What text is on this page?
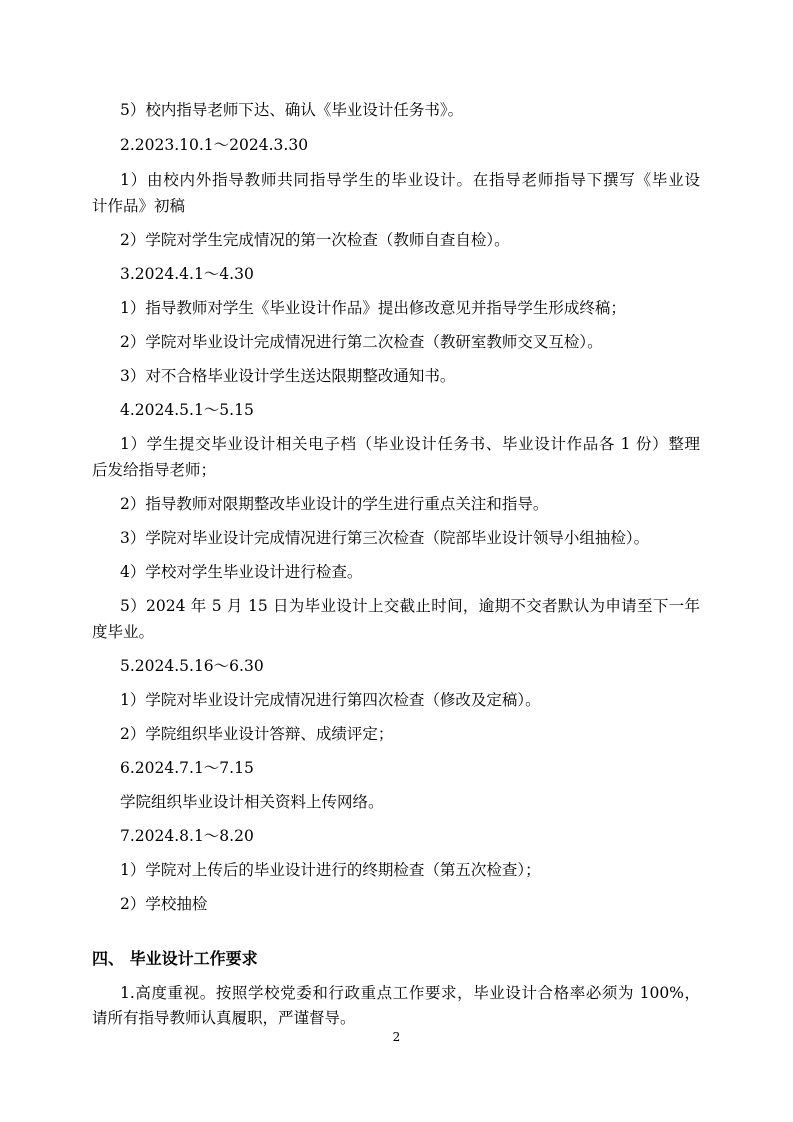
5）校内指导老师下达、确认《毕业设计任务书》。
2.2023.10.1～2024.3.30
1）由校内外指导教师共同指导学生的毕业设计。在指导老师指导下撰写《毕业设
计作品》初稿
2）学院对学生完成情况的第一次检查（教师自查自检）。
3.2024.4.1～4.30
1）指导教师对学生《毕业设计作品》提出修改意见并指导学生形成终稿；
2）学院对毕业设计完成情况进行第二次检查（教研室教师交叉互检）。
3）对不合格毕业设计学生送达限期整改通知书。
4.2024.5.1～5.15
1）学生提交毕业设计相关电子档（毕业设计任务书、毕业设计作品各 1 份）整理
后发给指导老师；
2）指导教师对限期整改毕业设计的学生进行重点关注和指导。
3）学院对毕业设计完成情况进行第三次检查（院部毕业设计领导小组抽检）。
4）学校对学生毕业设计进行检查。
5）2024 年 5 月 15 日为毕业设计上交截止时间，逾期不交者默认为申请至下一年
度毕业。
5.2024.5.16～6.30
1）学院对毕业设计完成情况进行第四次检查（修改及定稿）。
2）学院组织毕业设计答辩、成绩评定；
6.2024.7.1～7.15
学院组织毕业设计相关资料上传网络。
7.2024.8.1～8.20
1）学院对上传后的毕业设计进行的终期检查（第五次检查）；
2）学校抽检
四、 毕业设计工作要求
1.高度重视。按照学校党委和行政重点工作要求，毕业设计合格率必须为 100%，
请所有指导教师认真履职，严谨督导。
2
